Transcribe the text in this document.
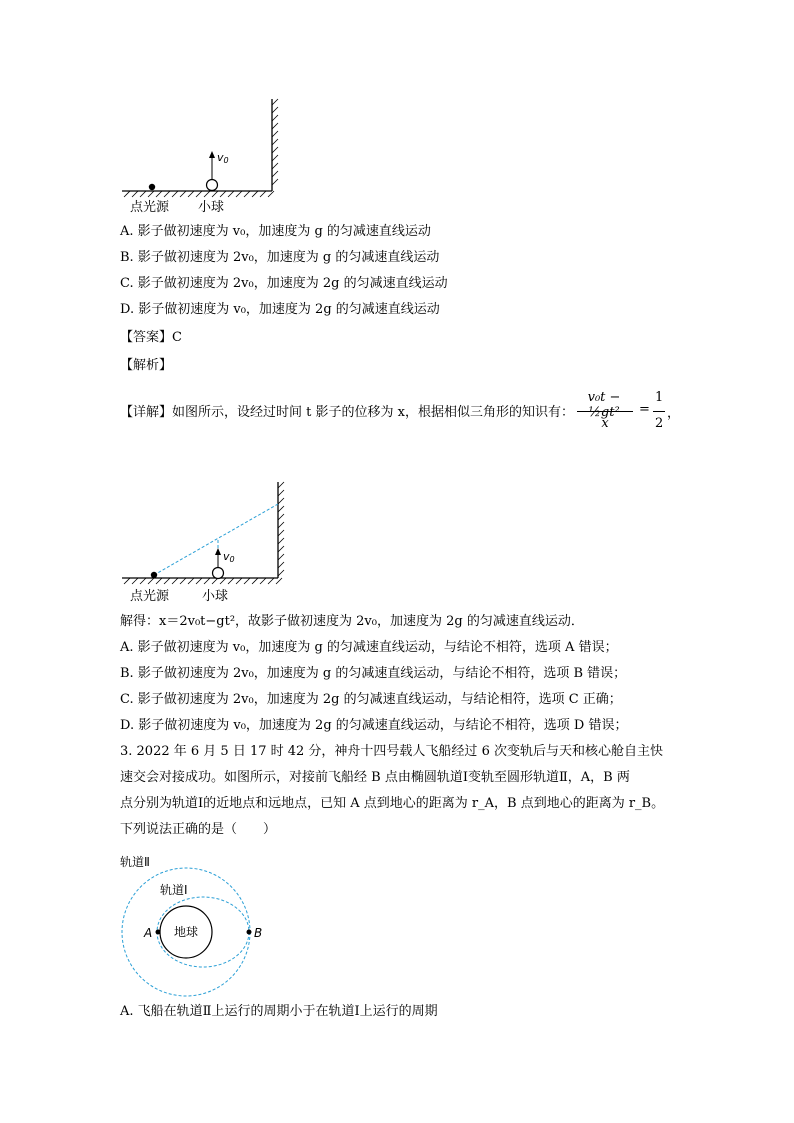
v0
点光源 小球
A. 影子做初速度为 v₀，加速度为 g 的匀减速直线运动
B. 影子做初速度为 2v₀，加速度为 g 的匀减速直线运动
C. 影子做初速度为 2v₀，加速度为 2g 的匀减速直线运动
D. 影子做初速度为 v₀，加速度为 2g 的匀减速直线运动
【答案】C
【解析】
【详解】如图所示，设经过时间 t 影子的位移为 x，根据相似三角形的知识有：
v₀t − ½gt²
x
=
1
2
，
v0
点光源	小球
解得：x＝2v₀t−gt²，故影子做初速度为 2v₀，加速度为 2g 的匀减速直线运动．
A. 影子做初速度为 v₀，加速度为 g 的匀减速直线运动，与结论不相符，选项 A 错误；
B. 影子做初速度为 2v₀，加速度为 g 的匀减速直线运动，与结论不相符，选项 B 错误；
C. 影子做初速度为 2v₀，加速度为 2g 的匀减速直线运动，与结论相符，选项 C 正确；
D. 影子做初速度为 v₀，加速度为 2g 的匀减速直线运动，与结论不相符，选项 D 错误；
3. 2022 年 6 月 5 日 17 时 42 分，神舟十四号载人飞船经过 6 次变轨后与天和核心舱自主快
速交会对接成功。如图所示，对接前飞船经 B 点由椭圆轨道Ⅰ变轨至圆形轨道Ⅱ，A，B 两
点分别为轨道Ⅰ的近地点和远地点，已知 A 点到地心的距离为 r_A，B 点到地心的距离为 r_B。
下列说法正确的是（　　）
轨道Ⅱ
轨道Ⅰ
地球
A	B
A. 飞船在轨道Ⅱ上运行的周期小于在轨道Ⅰ上运行的周期
